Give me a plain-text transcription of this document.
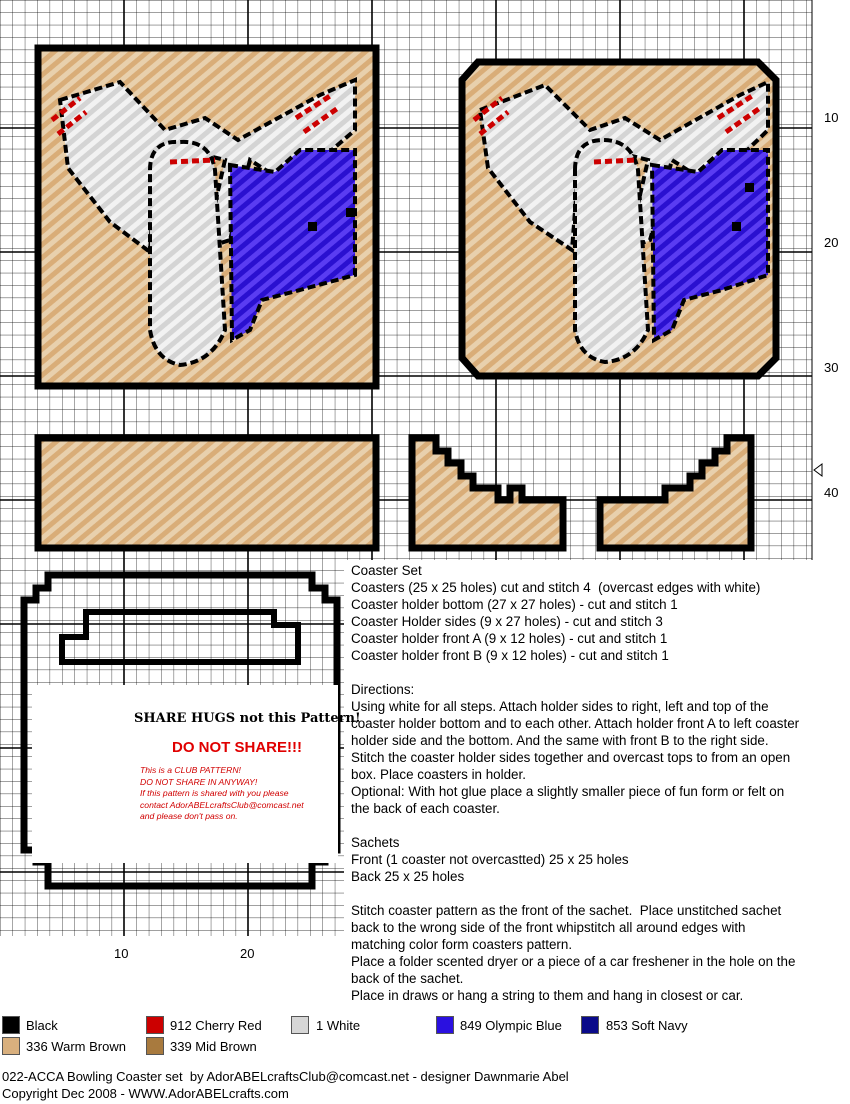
SHARE HUGS not this Pattern!
DO NOT SHARE!!!
This is a CLUB PATTERN!
DO NOT SHARE IN ANYWAY!
If this pattern is shared with you please
contact AdorABELcraftsClub@comcast.net
and please don't pass on.
10
20
30
40
10	20
Coaster Set
Coasters (25 x 25 holes) cut and stitch 4  (overcast edges with white)
Coaster holder bottom (27 x 27 holes) - cut and stitch 1
Coaster Holder sides (9 x 27 holes) - cut and stitch 3
Coaster holder front A (9 x 12 holes) - cut and stitch 1
Coaster holder front B (9 x 12 holes) - cut and stitch 1

Directions:
Using white for all steps. Attach holder sides to right, left and top of the
coaster holder bottom and to each other. Attach holder front A to left coaster
holder side and the bottom. And the same with front B to the right side.
Stitch the coaster holder sides together and overcast tops to from an open
box. Place coasters in holder.
Optional: With hot glue place a slightly smaller piece of fun form or felt on
the back of each coaster.

Sachets
Front (1 coaster not overcastted) 25 x 25 holes
Back 25 x 25 holes

Stitch coaster pattern as the front of the sachet.  Place unstitched sachet
back to the wrong side of the front whipstitch all around edges with
matching color form coasters pattern.
Place a folder scented dryer or a piece of a car freshener in the hole on the
back of the sachet.
Place in draws or hang a string to them and hang in closest or car.
Black	912 Cherry Red	1 White	849 Olympic Blue	853 Soft Navy
336 Warm Brown	339 Mid Brown
022-ACCA Bowling Coaster set  by AdorABELcraftsClub@comcast.net - designer Dawnmarie Abel
Copyright Dec 2008 - WWW.AdorABELcrafts.com
